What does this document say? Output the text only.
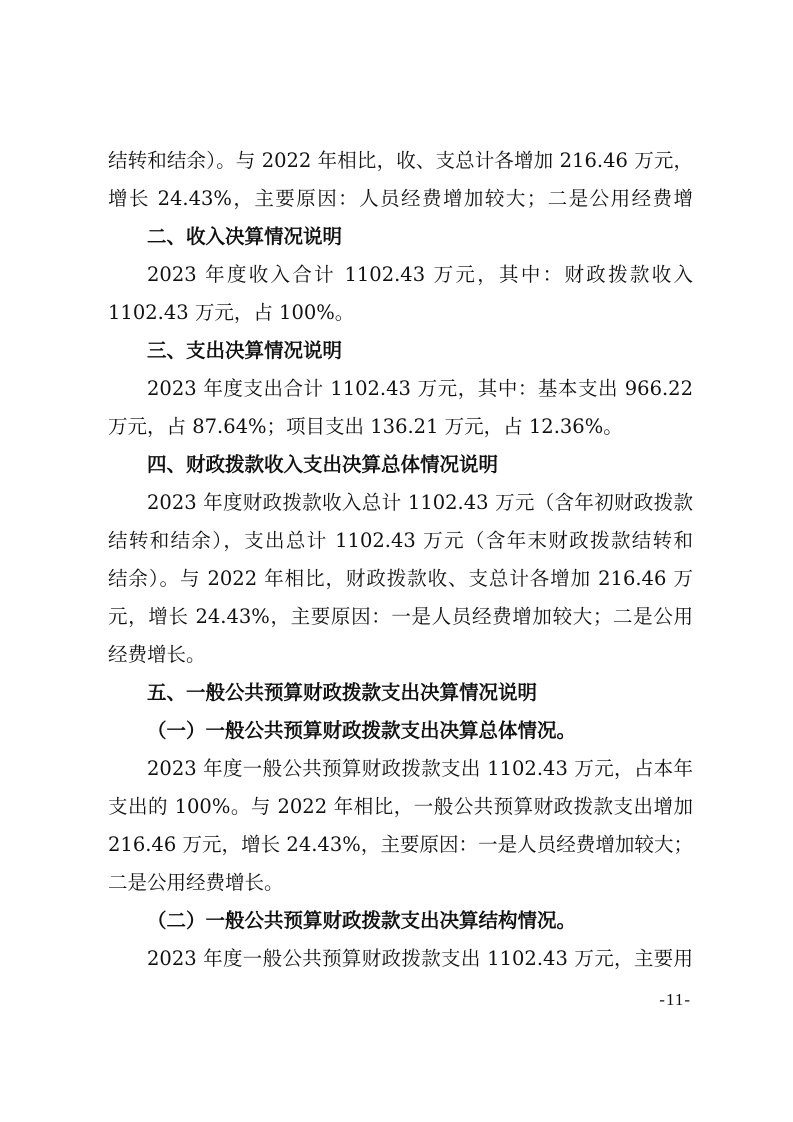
结转和结余）。与 2022 年相比，收、支总计各增加 216.46 万元，
增长 24.43%，主要原因：人员经费增加较大；二是公用经费增
二、收入决算情况说明
2023 年度收入合计 1102.43 万元，其中：财政拨款收入
1102.43 万元，占 100%。
三、支出决算情况说明
2023 年度支出合计 1102.43 万元，其中：基本支出 966.22
万元，占 87.64%；项目支出 136.21 万元，占 12.36%。
四、财政拨款收入支出决算总体情况说明
2023 年度财政拨款收入总计 1102.43 万元（含年初财政拨款
结转和结余），支出总计 1102.43 万元（含年末财政拨款结转和
结余）。与 2022 年相比，财政拨款收、支总计各增加 216.46 万
元，增长 24.43%，主要原因：一是人员经费增加较大；二是公用
经费增长。
五、一般公共预算财政拨款支出决算情况说明
（一）一般公共预算财政拨款支出决算总体情况。
2023 年度一般公共预算财政拨款支出 1102.43 万元，占本年
支出的 100%。与 2022 年相比，一般公共预算财政拨款支出增加
216.46 万元，增长 24.43%，主要原因：一是人员经费增加较大；
二是公用经费增长。
（二）一般公共预算财政拨款支出决算结构情况。
2023 年度一般公共预算财政拨款支出 1102.43 万元，主要用
-11-
